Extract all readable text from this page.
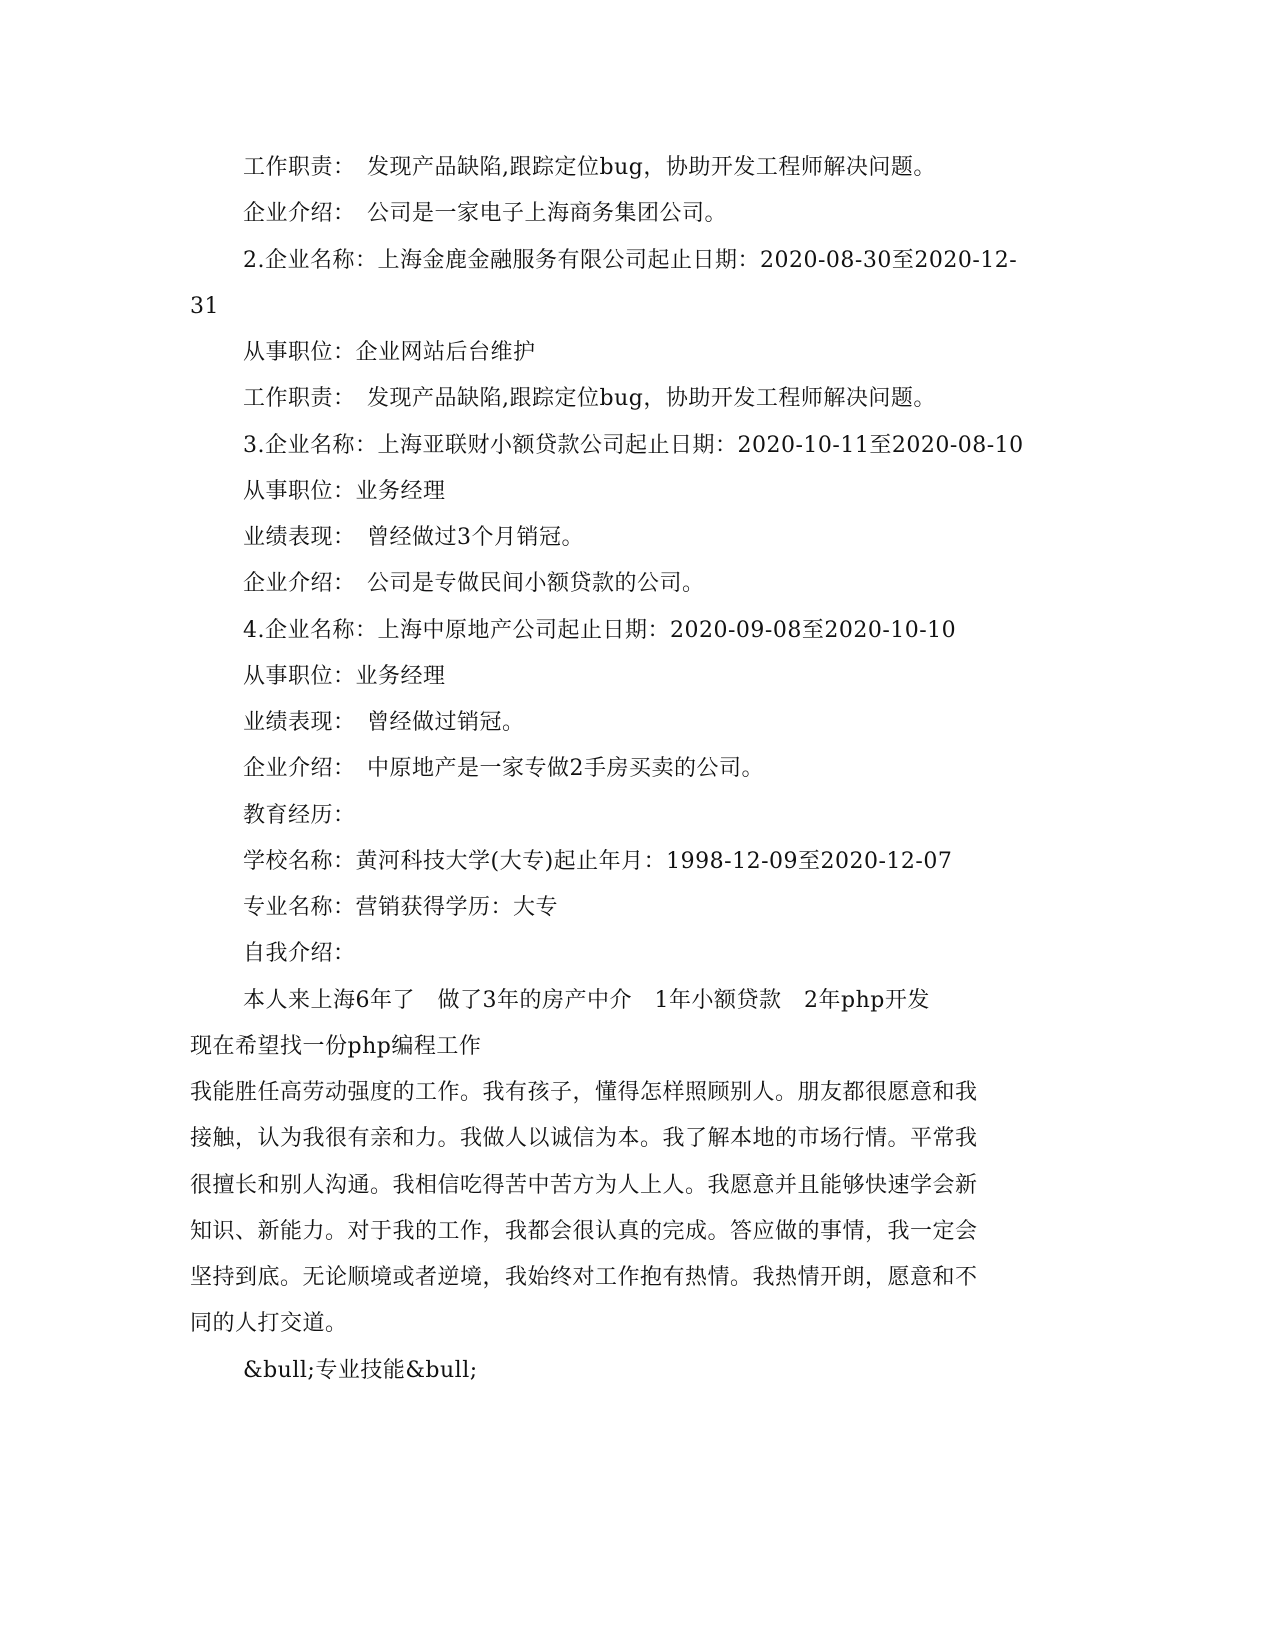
工作职责：　发现产品缺陷,跟踪定位bug，协助开发工程师解决问题。
企业介绍：　公司是一家电子上海商务集团公司。
2.企业名称：上海金鹿金融服务有限公司起止日期：2020-08-30至2020-12-
31
从事职位：企业网站后台维护
工作职责：　发现产品缺陷,跟踪定位bug，协助开发工程师解决问题。
3.企业名称：上海亚联财小额贷款公司起止日期：2020-10-11至2020-08-10
从事职位：业务经理
业绩表现：　曾经做过3个月销冠。
企业介绍：　公司是专做民间小额贷款的公司。
4.企业名称：上海中原地产公司起止日期：2020-09-08至2020-10-10
从事职位：业务经理
业绩表现：　曾经做过销冠。
企业介绍：　中原地产是一家专做2手房买卖的公司。
教育经历：
学校名称：黄河科技大学(大专)起止年月：1998-12-09至2020-12-07
专业名称：营销获得学历：大专
自我介绍：
本人来上海6年了　做了3年的房产中介　1年小额贷款　2年php开发
现在希望找一份php编程工作
我能胜任高劳动强度的工作。我有孩子，懂得怎样照顾别人。朋友都很愿意和我
接触，认为我很有亲和力。我做人以诚信为本。我了解本地的市场行情。平常我
很擅长和别人沟通。我相信吃得苦中苦方为人上人。我愿意并且能够快速学会新
知识、新能力。对于我的工作，我都会很认真的完成。答应做的事情，我一定会
坚持到底。无论顺境或者逆境，我始终对工作抱有热情。我热情开朗，愿意和不
同的人打交道。
&bull;专业技能&bull;
